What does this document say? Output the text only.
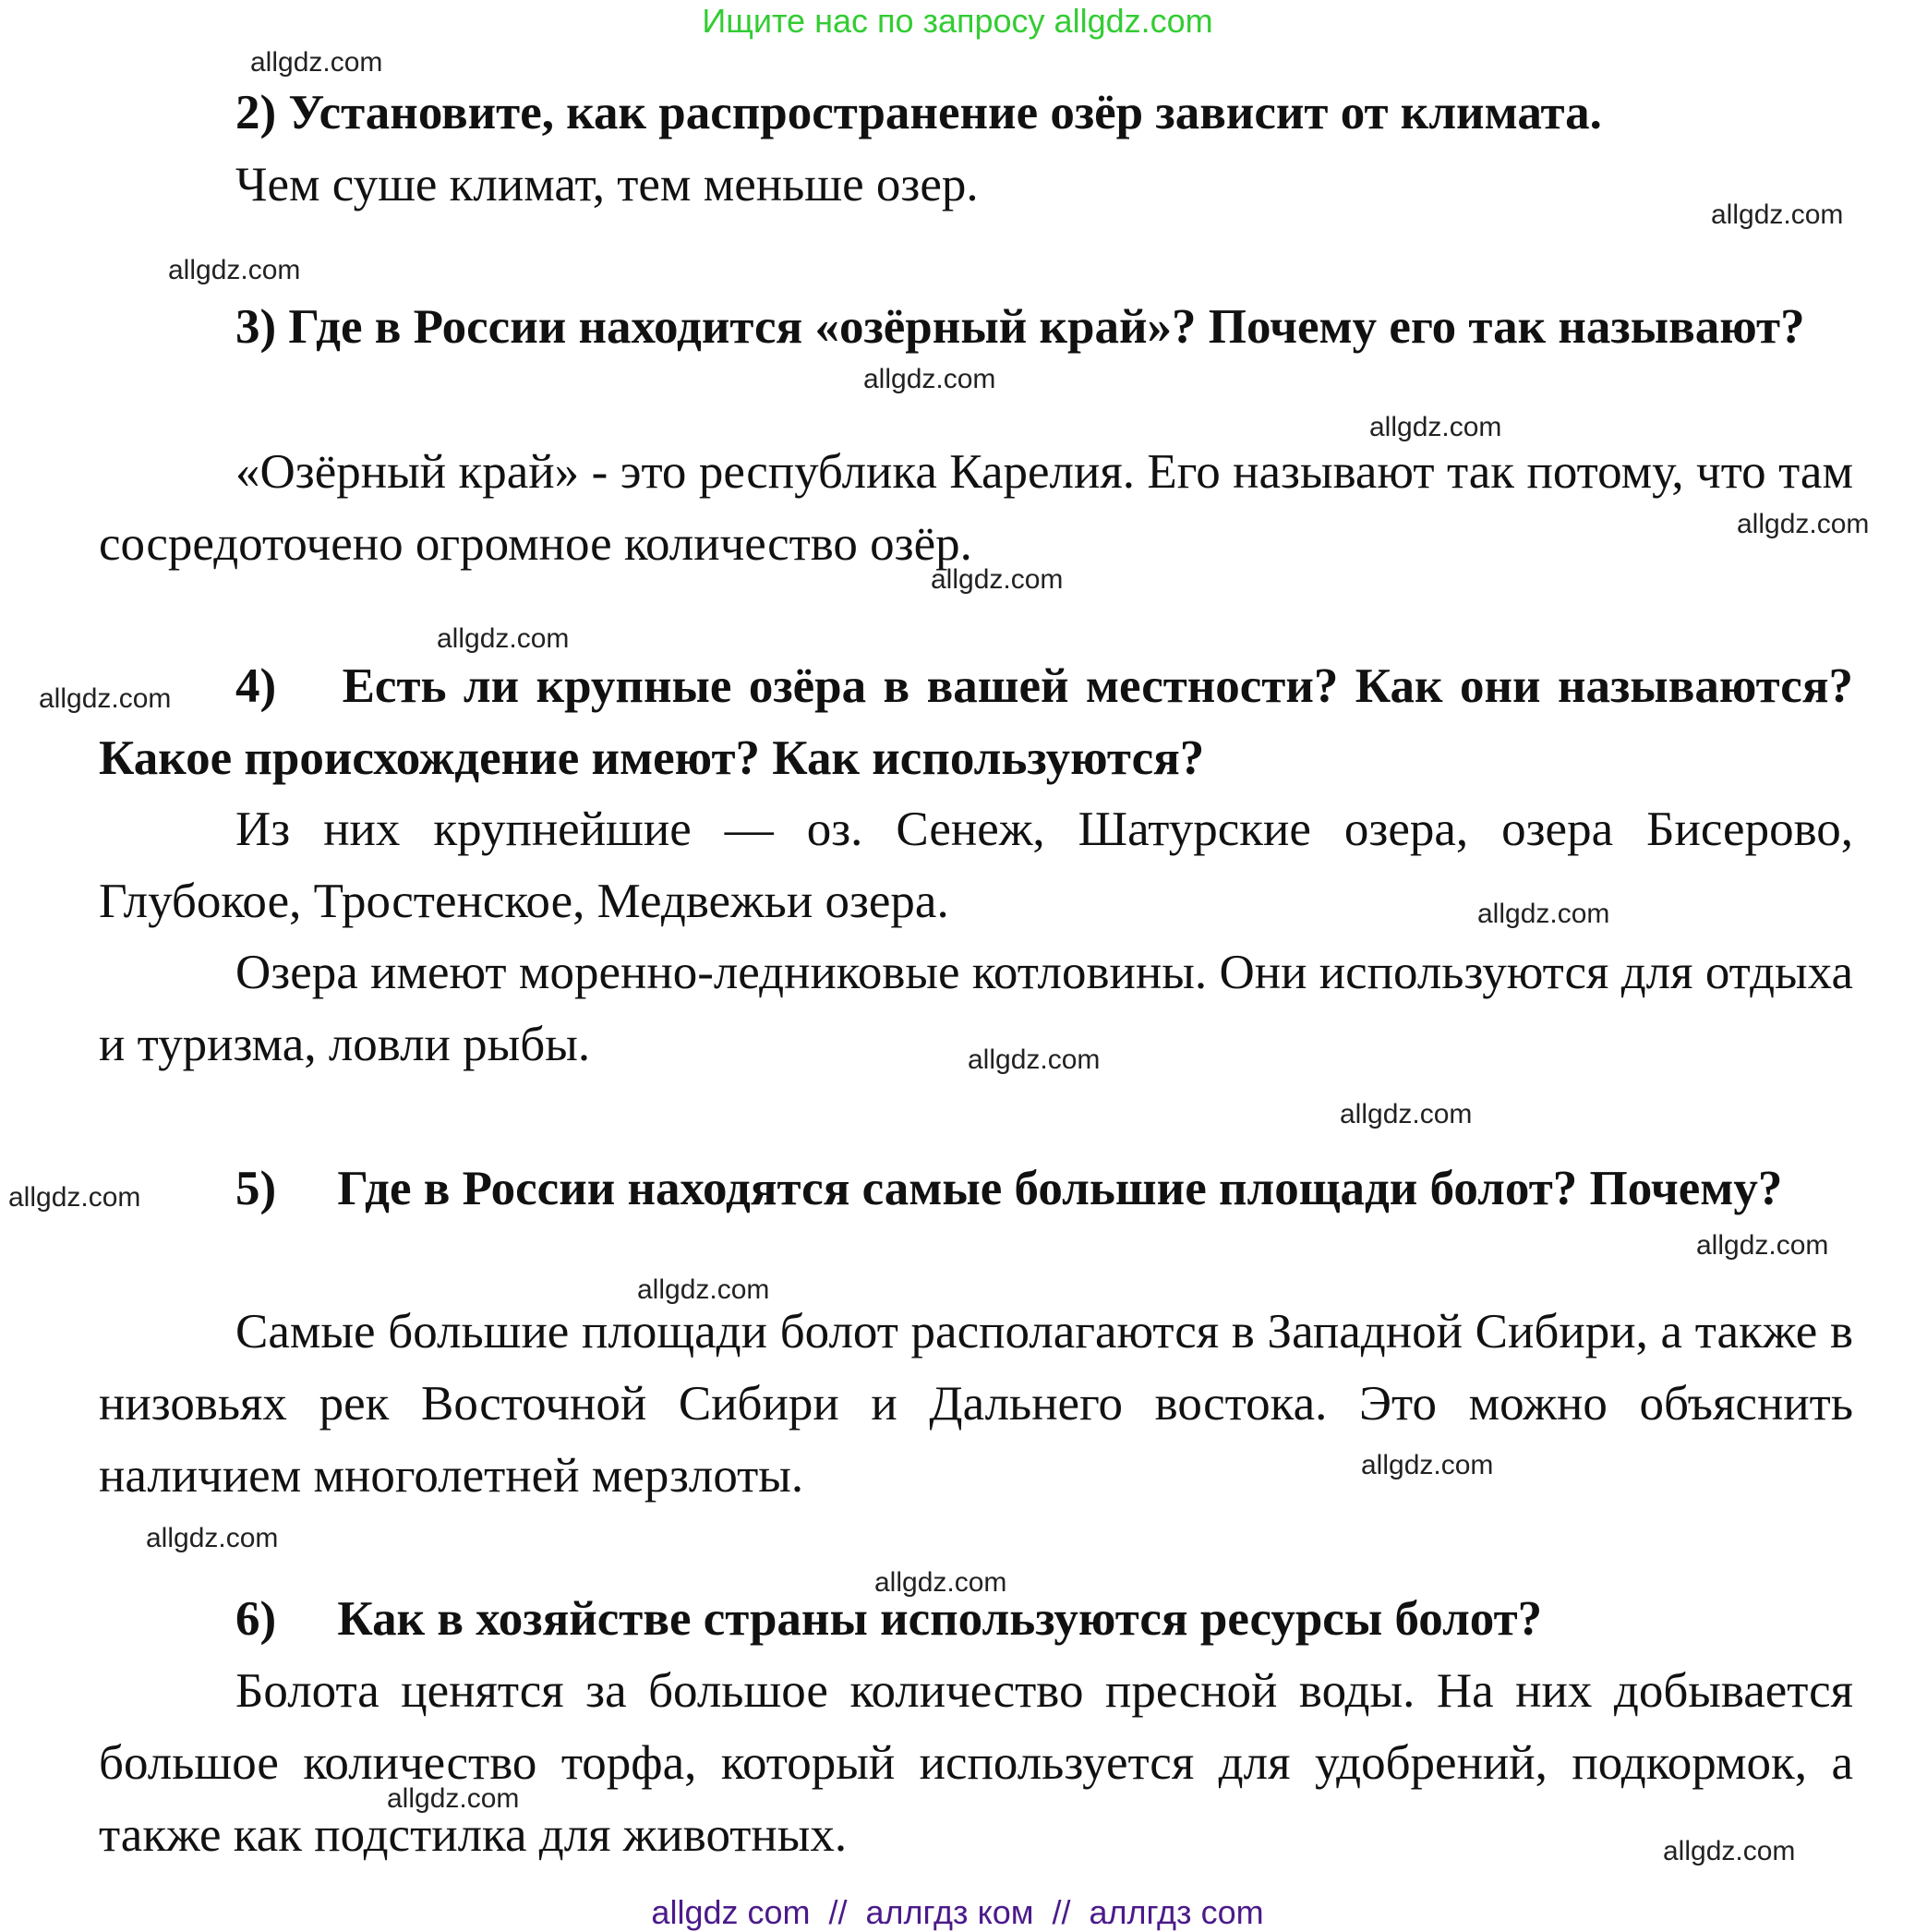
Ищите нас по запросу allgdz.com

2) Установите, как распространение озёр зависит от климата.

Чем суше климат, тем меньше озер.

3) Где в России находится «озёрный край»? Почему его так называют?

«Озёрный край» - это республика Карелия. Его называют так потому, что там сосредоточено огромное количество озёр.

4)  Есть ли крупные озёра в вашей местности? Как они называются? Какое происхождение имеют? Как используются?

Из них крупнейшие — оз. Сенеж, Шатурские озера, озера Бисерово, Глубокое, Тростенское, Медвежьи озера.

Озера имеют моренно-ледниковые котловины. Они используются для отдыха и туризма, ловли рыбы.

5)  Где в России находятся самые большие площади болот? Почему?

Самые большие площади болот располагаются в Западной Сибири, а также в низовьях рек Восточной Сибири и Дальнего востока. Это можно объяснить наличием многолетней мерзлоты.

6)  Как в хозяйстве страны используются ресурсы болот?

Болота ценятся за большое количество пресной воды. На них добывается большое количество торфа, который используется для удобрений, подкормок, а также как подстилка для животных.

allgdz.com
allgdz.com
allgdz.com
allgdz.com
allgdz.com
allgdz.com
allgdz.com
allgdz.com
allgdz.com
allgdz.com
allgdz.com
allgdz.com
allgdz.com
allgdz.com
allgdz.com
allgdz.com
allgdz.com
allgdz.com
allgdz.com
allgdz.com
allgdz com  //  аллгдз ком  //  аллгдз com
